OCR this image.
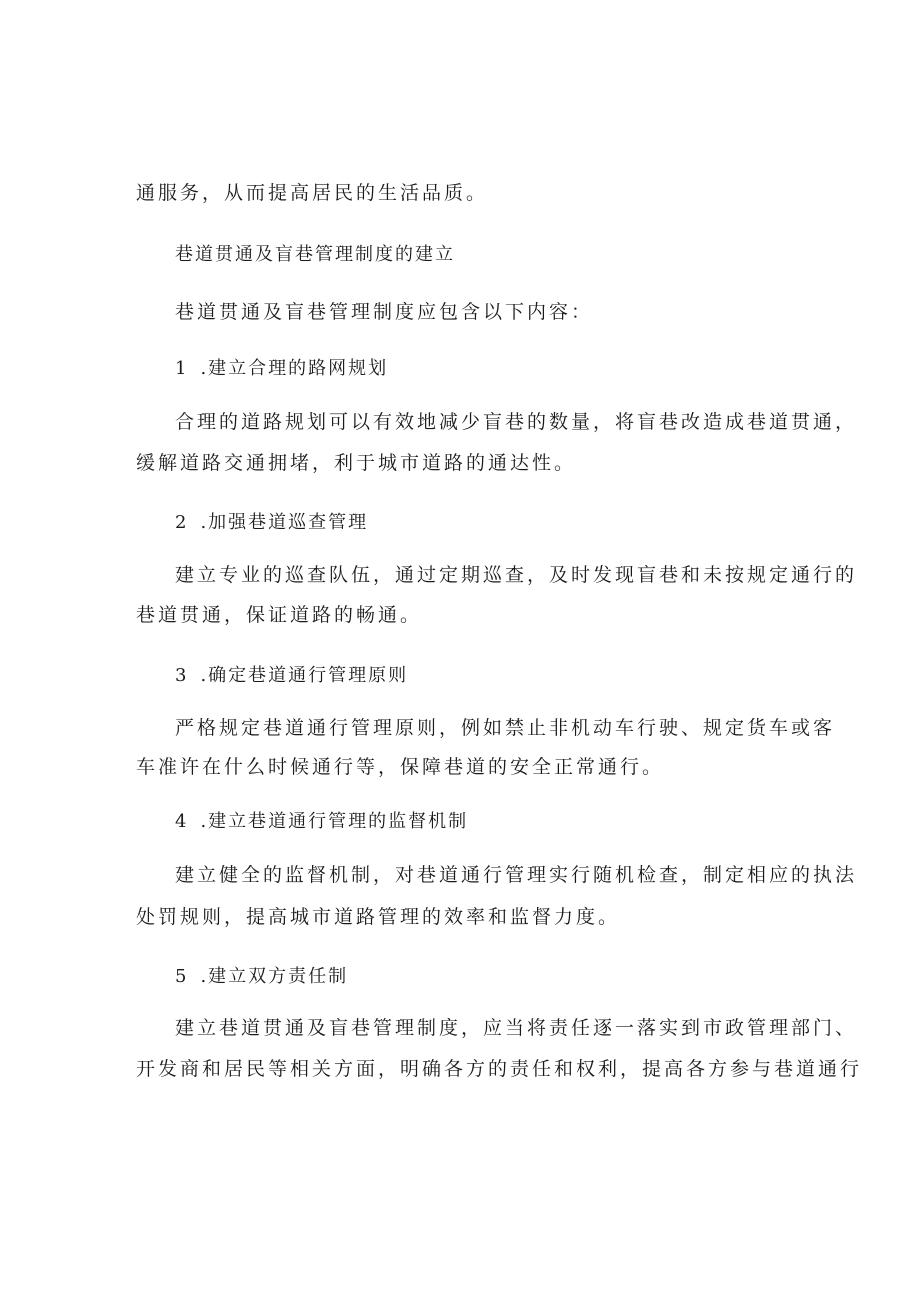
通服务，从而提高居民的生活品质。
巷道贯通及盲巷管理制度的建立
巷道贯通及盲巷管理制度应包含以下内容：
1 .建立合理的路网规划
合理的道路规划可以有效地减少盲巷的数量，将盲巷改造成巷道贯通，
缓解道路交通拥堵，利于城市道路的通达性。
2 .加强巷道巡查管理
建立专业的巡查队伍，通过定期巡查，及时发现盲巷和未按规定通行的
巷道贯通，保证道路的畅通。
3 .确定巷道通行管理原则
严格规定巷道通行管理原则，例如禁止非机动车行驶、规定货车或客
车准许在什么时候通行等，保障巷道的安全正常通行。
4 .建立巷道通行管理的监督机制
建立健全的监督机制，对巷道通行管理实行随机检查，制定相应的执法
处罚规则，提高城市道路管理的效率和监督力度。
5 .建立双方责任制
建立巷道贯通及盲巷管理制度，应当将责任逐一落实到市政管理部门、
开发商和居民等相关方面，明确各方的责任和权利，提高各方参与巷道通行
